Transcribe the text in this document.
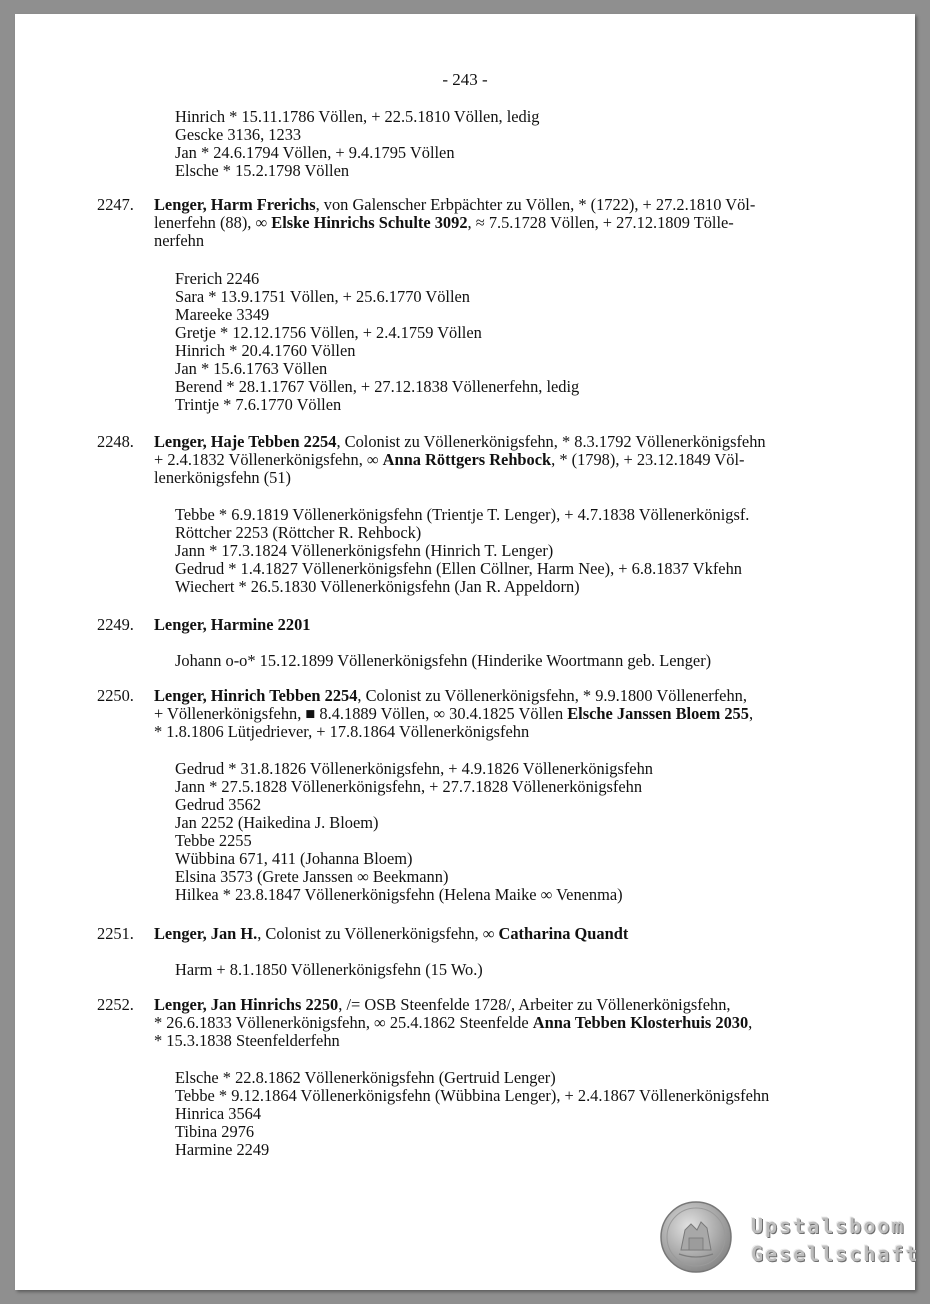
- 243 -
Hinrich * 15.11.1786 Völlen, + 22.5.1810 Völlen, ledig
Gescke 3136, 1233
Jan * 24.6.1794 Völlen, + 9.4.1795 Völlen
Elsche * 15.2.1798 Völlen
2247. Lenger, Harm Frerichs, von Galenscher Erbpächter zu Völlen, * (1722), + 27.2.1810 Völ-
lenerfehn (88), ∞ Elske Hinrichs Schulte 3092, ≈ 7.5.1728 Völlen, + 27.12.1809 Tölle-
nerfehn
Frerich 2246
Sara * 13.9.1751 Völlen, + 25.6.1770 Völlen
Mareeke 3349
Gretje * 12.12.1756 Völlen, + 2.4.1759 Völlen
Hinrich * 20.4.1760 Völlen
Jan * 15.6.1763 Völlen
Berend * 28.1.1767 Völlen, + 27.12.1838 Völlenerfehn, ledig
Trintje * 7.6.1770 Völlen
2248. Lenger, Haje Tebben 2254, Colonist zu Völlenerkönigsfehn, * 8.3.1792 Völlenerkönigsfehn
+ 2.4.1832 Völlenerkönigsfehn, ∞ Anna Röttgers Rehbock, * (1798), + 23.12.1849 Völ-
lenerkönigsfehn (51)
Tebbe * 6.9.1819 Völlenerkönigsfehn (Trientje T. Lenger), + 4.7.1838 Völlenerkönigsf.
Röttcher 2253 (Röttcher R. Rehbock)
Jann * 17.3.1824 Völlenerkönigsfehn (Hinrich T. Lenger)
Gedrud * 1.4.1827 Völlenerkönigsfehn (Ellen Cöllner, Harm Nee), + 6.8.1837 Vkfehn
Wiechert * 26.5.1830 Völlenerkönigsfehn (Jan R. Appeldorn)
2249. Lenger, Harmine 2201
Johann o-o* 15.12.1899 Völlenerkönigsfehn (Hinderike Woortmann geb. Lenger)
2250. Lenger, Hinrich Tebben 2254, Colonist zu Völlenerkönigsfehn, * 9.9.1800 Völlenerfehn,
+ Völlenerkönigsfehn, ■ 8.4.1889 Völlen, ∞ 30.4.1825 Völlen Elsche Janssen Bloem 255,
* 1.8.1806 Lütjedriever, + 17.8.1864 Völlenerkönigsfehn
Gedrud * 31.8.1826 Völlenerkönigsfehn, + 4.9.1826 Völlenerkönigsfehn
Jann * 27.5.1828 Völlenerkönigsfehn, + 27.7.1828 Völlenerkönigsfehn
Gedrud 3562
Jan 2252 (Haikedina J. Bloem)
Tebbe 2255
Wübbina 671, 411 (Johanna Bloem)
Elsina 3573 (Grete Janssen ∞ Beekmann)
Hilkea * 23.8.1847 Völlenerkönigsfehn (Helena Maike ∞ Venenma)
2251. Lenger, Jan H., Colonist zu Völlenerkönigsfehn, ∞ Catharina Quandt
Harm + 8.1.1850 Völlenerkönigsfehn (15 Wo.)
2252. Lenger, Jan Hinrichs 2250, /= OSB Steenfelde 1728/, Arbeiter zu Völlenerkönigsfehn,
* 26.6.1833 Völlenerkönigsfehn, ∞ 25.4.1862 Steenfelde Anna Tebben Klosterhuis 2030,
* 15.3.1838 Steenfelderfehn
Elsche * 22.8.1862 Völlenerkönigsfehn (Gertruid Lenger)
Tebbe * 9.12.1864 Völlenerkönigsfehn (Wübbina Lenger), + 2.4.1867 Völlenerkönigsfehn
Hinrica 3564
Tibina 2976
Harmine 2249
Upstalsboom
Gesellschaft
